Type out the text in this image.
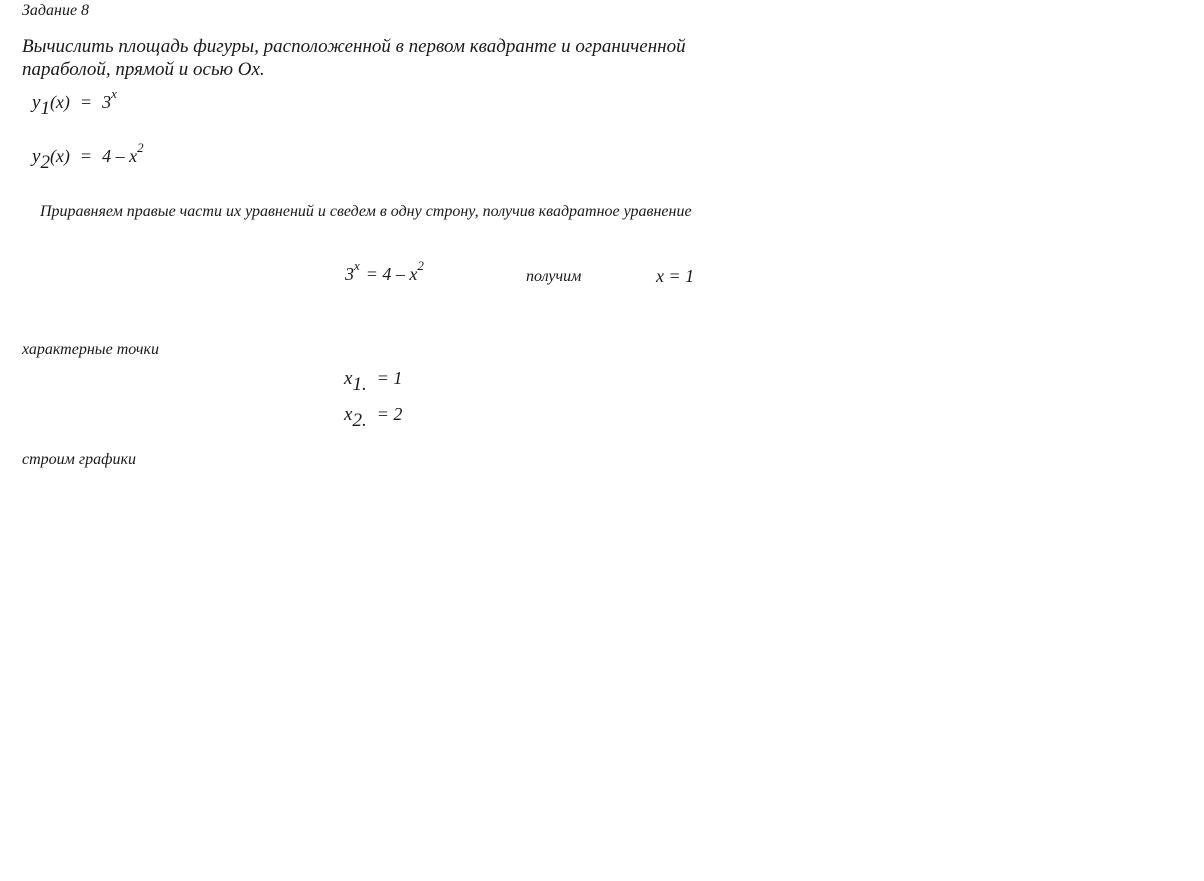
Задание 8
Вычислить площадь фигуры, расположенной в первом квадранте и ограниченной
параболой, прямой и осью Ox.
$y1(x) = 3^x$
$y2(x) = 4 - x^2$
Приравняем правые части их уравнений и сведем в одну строну, получив квадратное уравнение
$3^x = 4 - x^2$
получим	x = 1
характерные точки
x1. = 1
x2. = 2
строим графики
